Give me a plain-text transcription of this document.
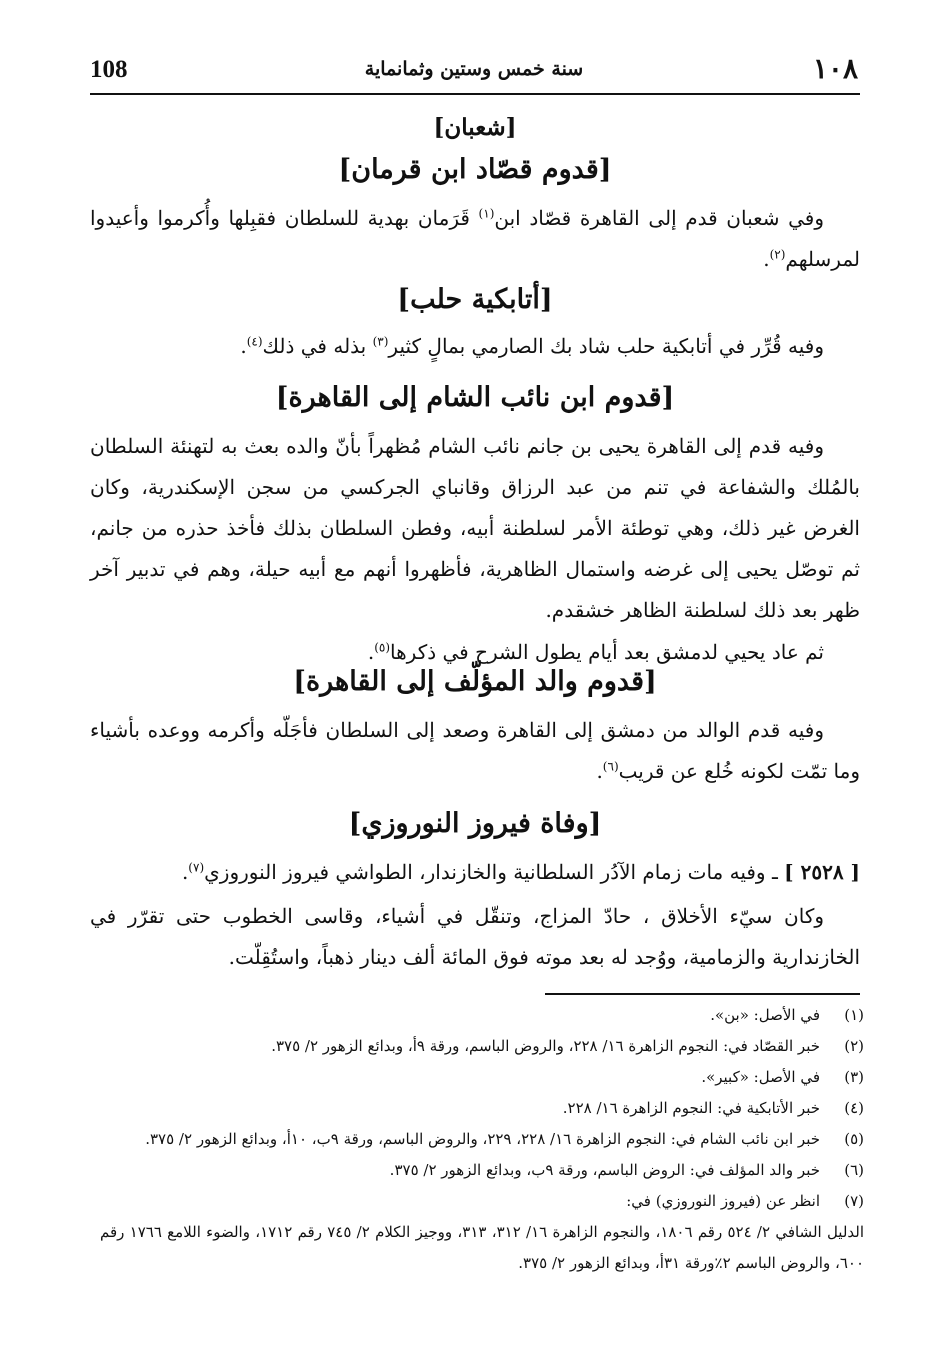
108	سنة خمس وستين وثمانماية	١٠٨
[شعبان]
[قدوم قصّاد ابن قرمان]
وفي شعبان قدم إلى القاهرة قصّاد ابن$^{(١)}$ قَرَمان بهدية للسلطان فقبِلها وأُكرموا وأعيدوا لمرسلهم$^{(٢)}$.
[أتابكية حلب]
وفيه قُرِّر في أتابكية حلب شاد بك الصارمي بمالٍ كثير$^{(٣)}$ بذله في ذلك$^{(٤)}$.
[قدوم ابن نائب الشام إلى القاهرة]
وفيه قدم إلى القاهرة يحيى بن جانم نائب الشام مُظهراً بأنّ والده بعث به لتهنئة السلطان بالمُلك والشفاعة في تنم من عبد الرزاق وقانباي الجركسي من سجن الإسكندرية، وكان الغرض غير ذلك، وهي توطئة الأمر لسلطنة أبيه، وفطن السلطان بذلك فأخذ حذره من جانم، ثم توصّل يحيى إلى غرضه واستمال الظاهرية، فأظهروا أنهم مع أبيه حيلة، وهم في تدبير آخر ظهر بعد ذلك لسلطنة الظاهر خشقدم.
ثم عاد يحيي لدمشق بعد أيام يطول الشرح في ذكرها$^{(٥)}$.
[قدوم والد المؤلّف إلى القاهرة]
وفيه قدم الوالد من دمشق إلى القاهرة وصعد إلى السلطان فأجَلّه وأكرمه ووعده بأشياء وما تمّت لكونه خُلع عن قريب$^{(٦)}$.
[وفاة فيروز النوروزي]
[ ٢٥٢٨ ] ـ وفيه مات زمام الآدُر السلطانية والخازندار، الطواشي فيروز النوروزي$^{(٧)}$.
وكان سيّء الأخلاق ، حادّ المزاج، وتنقّل في أشياء، وقاسى الخطوب حتى تقرّر في الخازندارية والزمامية، ووُجد له بعد موته فوق المائة ألف دينار ذهباً، واستُقِلّت.
(١)
في الأصل: «بن».
(٢)
خبر القصّاد في: النجوم الزاهرة ١٦/ ٢٢٨، والروض الباسم، ورقة ٩أ، وبدائع الزهور ٢/ ٣٧٥.
(٣)
في الأصل: «كبير».
(٤)
خبر الأتابكية في: النجوم الزاهرة ١٦/ ٢٢٨.
(٥)
خبر ابن نائب الشام في: النجوم الزاهرة ١٦/ ٢٢٨، ٢٢٩، والروض الباسم، ورقة ٩ب، ١٠أ، وبدائع الزهور ٢/ ٣٧٥.
(٦)
خبر والد المؤلف في: الروض الباسم، ورقة ٩ب، وبدائع الزهور ٢/ ٣٧٥.
(٧)
انظر عن (فيروز النوروزي) في:
الدليل الشافي ٢/ ٥٢٤ رقم ١٨٠٦، والنجوم الزاهرة ١٦/ ٣١٢، ٣١٣، ووجيز الكلام ٢/ ٧٤٥ رقم ١٧١٢، والضوء اللامع ١٧٦٦ رقم ٦٠٠، والروض الباسم ٢٪ورقة ٣١أ، وبدائع الزهور ٢/ ٣٧٥.
